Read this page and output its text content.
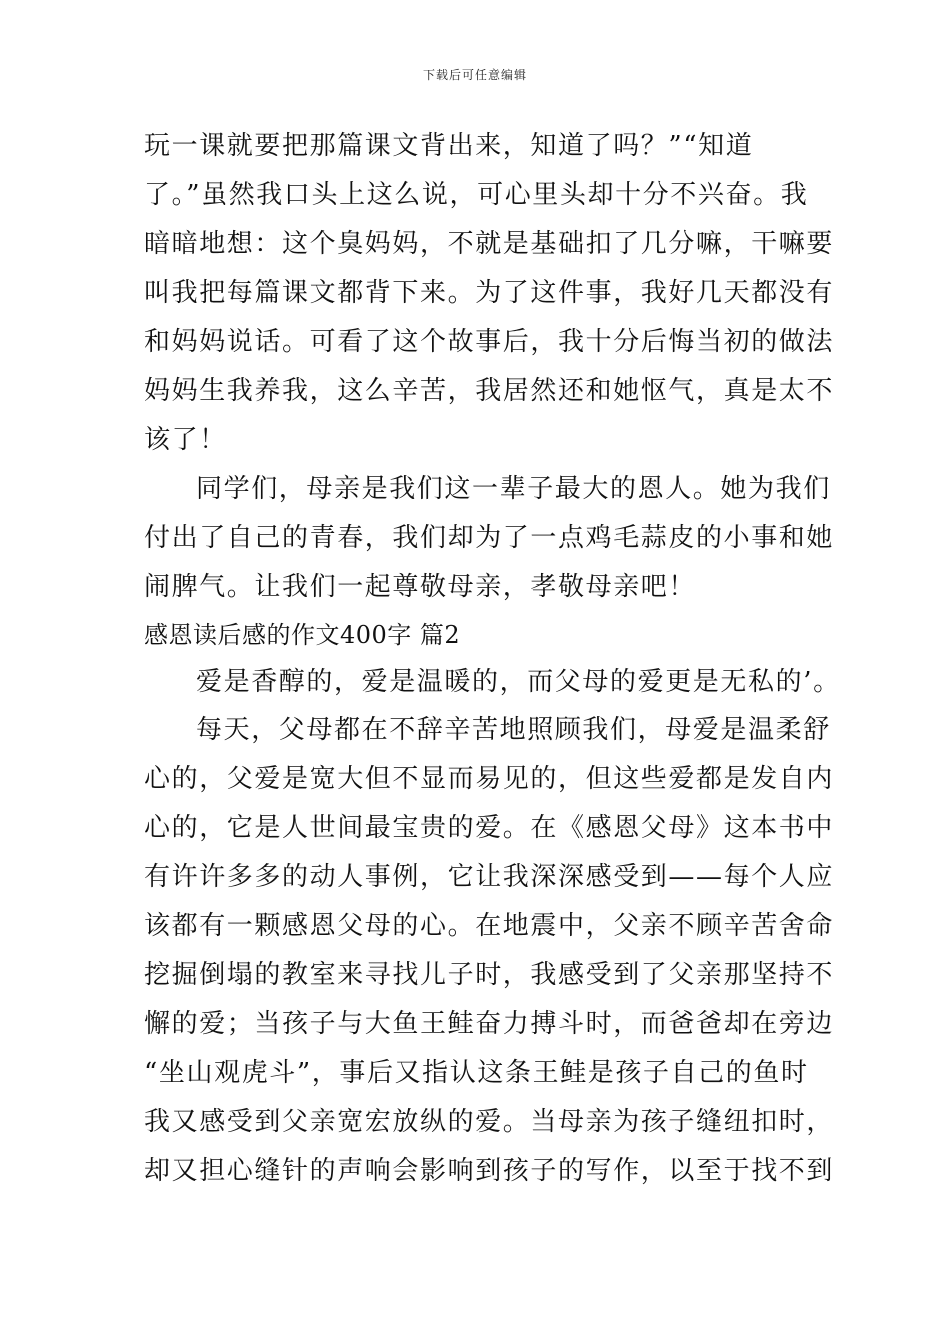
下载后可任意编辑
玩一课就要把那篇课文背出来，知道了吗？”“知道
了。”虽然我口头上这么说，可心里头却十分不兴奋。我
暗暗地想：这个臭妈妈，不就是基础扣了几分嘛，干嘛要
叫我把每篇课文都背下来。为了这件事，我好几天都没有
和妈妈说话。可看了这个故事后，我十分后悔当初的做法
妈妈生我养我，这么辛苦，我居然还和她怄气，真是太不
该了！
同学们，母亲是我们这一辈子最大的恩人。她为我们
付出了自己的青春，我们却为了一点鸡毛蒜皮的小事和她
闹脾气。让我们一起尊敬母亲，孝敬母亲吧！
感恩读后感的作文400字 篇2
爱是香醇的，爱是温暖的，而父母的爱更是无私的’。
每天，父母都在不辞辛苦地照顾我们，母爱是温柔舒
心的，父爱是宽大但不显而易见的，但这些爱都是发自内
心的，它是人世间最宝贵的爱。在《感恩父母》这本书中
有许许多多的动人事例，它让我深深感受到——每个人应
该都有一颗感恩父母的心。在地震中，父亲不顾辛苦舍命
挖掘倒塌的教室来寻找儿子时，我感受到了父亲那坚持不
懈的爱；当孩子与大鱼王鲑奋力搏斗时，而爸爸却在旁边
“坐山观虎斗”，事后又指认这条王鲑是孩子自己的鱼时
我又感受到父亲宽宏放纵的爱。当母亲为孩子缝纽扣时，
却又担心缝针的声响会影响到孩子的写作，以至于找不到
